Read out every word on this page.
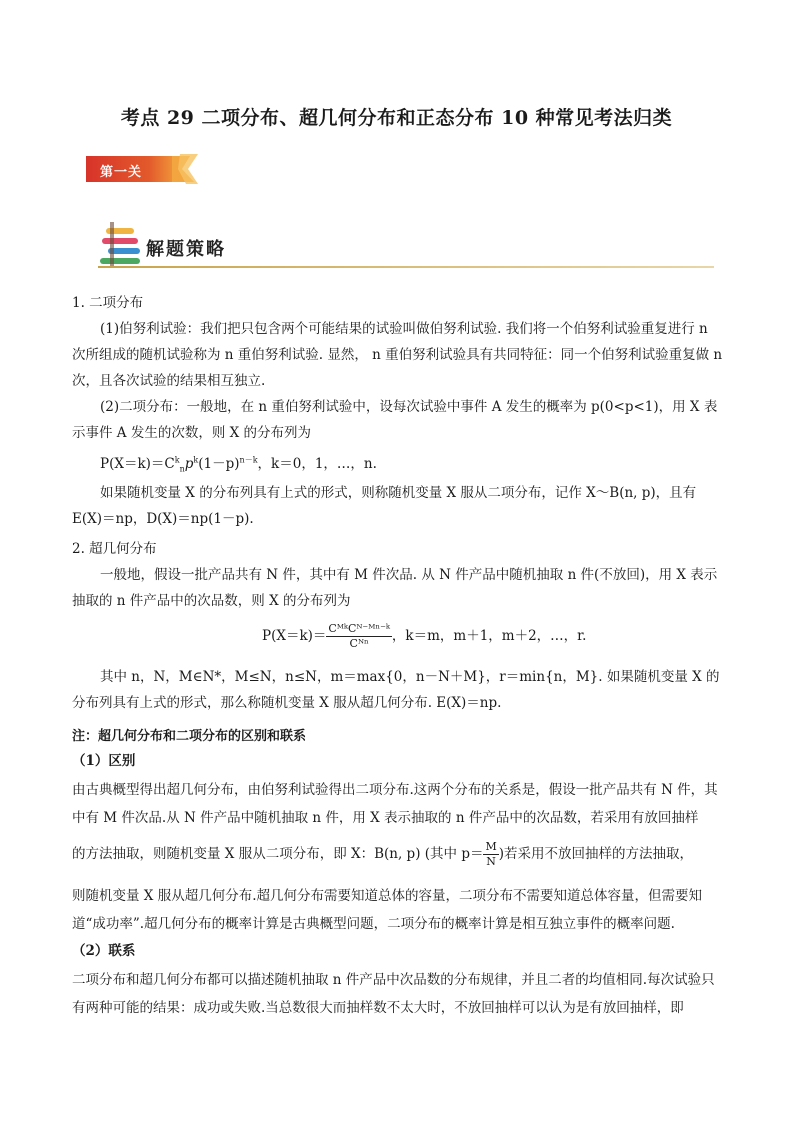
考点 29 二项分布、超几何分布和正态分布 10 种常见考法归类
第一关
解题策略
1. 二项分布
(1)伯努利试验：我们把只包含两个可能结果的试验叫做伯努利试验. 我们将一个伯努利试验重复进行 n 次所组成的随机试验称为 n 重伯努利试验. 显然， n 重伯努利试验具有共同特征：同一个伯努利试验重复做 n 次，且各次试验的结果相互独立.
(2)二项分布：一般地，在 n 重伯努利试验中，设每次试验中事件 A 发生的概率为 p(0<p<1)，用 X 表示事件 A 发生的次数，则 X 的分布列为
$P(X=k)=C^k_np^k(1-p)^{n-k}$，k＝0，1，…，n.
如果随机变量 X 的分布列具有上式的形式，则称随机变量 X 服从二项分布，记作 X～B(n, p)，且有 E(X)＝np，D(X)＝np(1－p).
2. 超几何分布
一般地，假设一批产品共有 N 件，其中有 M 件次品. 从 N 件产品中随机抽取 n 件(不放回)，用 X 表示抽取的 n 件产品中的次品数，则 X 的分布列为
$P(X=k)= \frac{\text{CᴹᵏCᴺ⁻ᴹⁿ⁻ᵏ}}{\text{Cᴺⁿ}}$ ，k＝m，m＋1，m＋2，…，r.
其中 n，N，M∈N*，M≤N，n≤N，m＝max{0，n－N＋M}，r＝min{n，M}. 如果随机变量 X 的分布列具有上式的形式，那么称随机变量 X 服从超几何分布. E(X)＝np.
注：超几何分布和二项分布的区别和联系
（1）区别
由古典概型得出超几何分布，由伯努利试验得出二项分布.这两个分布的关系是，假设一批产品共有 N 件，其中有 M 件次品.从 N 件产品中随机抽取 n 件，用 X 表示抽取的 n 件产品中的次品数，若采用有放回抽样
的方法抽取，则随机变量 X 服从二项分布，即 X：B(n, p) (其中 $p= \frac{M}{N}$ )若采用不放回抽样的方法抽取，
则随机变量 X 服从超几何分布.超几何分布需要知道总体的容量，二项分布不需要知道总体容量，但需要知道“成功率”.超几何分布的概率计算是古典概型问题，二项分布的概率计算是相互独立事件的概率问题.
（2）联系
二项分布和超几何分布都可以描述随机抽取 n 件产品中次品数的分布规律，并且二者的均值相同.每次试验只有两种可能的结果：成功或失败.当总数很大而抽样数不太大时，不放回抽样可以认为是有放回抽样，即
